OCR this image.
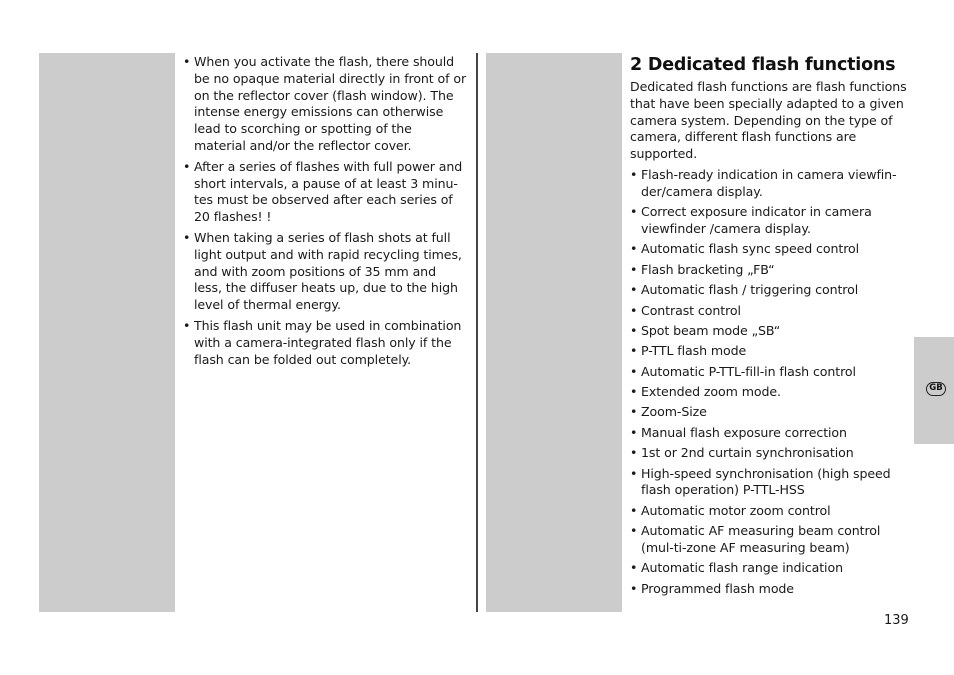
• When you activate the flash, there should be no opaque material directly in front of or on the reflector cover (flash window). The intense energy emissions can otherwise lead to scorching or spotting of the material and/or the reflector cover.
• After a series of flashes with full power and short intervals, a pause of at least 3 minu-tes must be observed after each series of 20 flashes! !
• When taking a series of flash shots at full light output and with rapid recycling times, and with zoom positions of 35 mm and less, the diffuser heats up, due to the high level of thermal energy.
• This flash unit may be used in combination with a camera-integrated flash only if the flash can be folded out completely.
2 Dedicated flash functions

Dedicated flash functions are flash functions that have been specially adapted to a given camera system. Depending on the type of camera, different flash functions are supported.

• Flash-ready indication in camera viewfin-der/camera display.
• Correct exposure indicator in camera viewfinder /camera display.
• Automatic flash sync speed control
• Flash bracketing „FB“
• Automatic flash / triggering control
• Contrast control
• Spot beam mode „SB“
• P-TTL flash mode
• Automatic P-TTL-fill-in flash control
• Extended zoom mode.
• Zoom-Size
• Manual flash exposure correction
• 1st or 2nd curtain synchronisation
• High-speed synchronisation (high speed flash operation) P-TTL-HSS
• Automatic motor zoom control
• Automatic AF measuring beam control (mul-ti-zone AF measuring beam)
• Automatic flash range indication
• Programmed flash mode
GB
139
